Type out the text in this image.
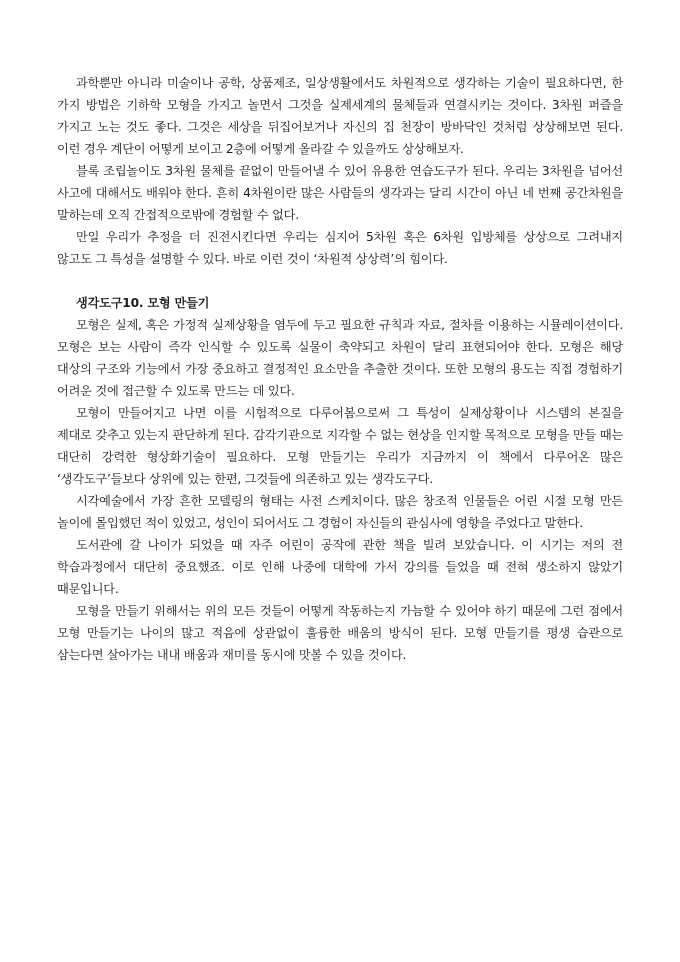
과학뿐만 아니라 미술이나 공학, 상품제조, 일상생활에서도 차원적으로 생각하는 기술이 필요하다면, 한 가지 방법은 기하학 모형을 가지고 놀면서 그것을 실제세계의 물체들과 연결시키는 것이다. 3차원 퍼즐을 가지고 노는 것도 좋다. 그것은 세상을 뒤집어보거나 자신의 집 천장이 방바닥인 것처럼 상상해보면 된다. 이런 경우 계단이 어떻게 보이고 2층에 어떻게 올라갈 수 있을까도 상상해보자.

블록 조립놀이도 3차원 물체를 끝없이 만들어낼 수 있어 유용한 연습도구가 된다. 우리는 3차원을 넘어선 사고에 대해서도 배워야 한다. 흔히 4차원이란 많은 사람들의 생각과는 달리 시간이 아닌 네 번째 공간차원을 말하는데 오직 간접적으로밖에 경험할 수 없다.

만일 우리가 추정을 더 진전시킨다면 우리는 심지어 5차원 혹은 6차원 입방체를 상상으로 그려내지 않고도 그 특성을 설명할 수 있다. 바로 이런 것이 ‘차원적 상상력’의 힘이다.

생각도구10. 모형 만들기

모형은 실제, 혹은 가정적 실제상황을 염두에 두고 필요한 규칙과 자료, 절차를 이용하는 시뮬레이션이다. 모형은 보는 사람이 즉각 인식할 수 있도록 실물이 축약되고 차원이 달리 표현되어야 한다. 모형은 해당 대상의 구조와 기능에서 가장 중요하고 결정적인 요소만을 추출한 것이다. 또한 모형의 용도는 직접 경험하기 어려운 것에 접근할 수 있도록 만드는 데 있다.

모형이 만들어지고 나면 이를 시험적으로 다루어봄으로써 그 특성이 실제상황이나 시스템의 본질을 제대로 갖추고 있는지 판단하게 된다. 감각기관으로 지각할 수 없는 현상을 인지할 목적으로 모형을 만들 때는 대단히 강력한 형상화기술이 필요하다. 모형 만들기는 우리가 지금까지 이 책에서 다루어온 많은 ‘생각도구’들보다 상위에 있는 한편, 그것들에 의존하고 있는 생각도구다.

시각예술에서 가장 흔한 모델링의 형태는 사전 스케치이다. 많은 창조적 인물들은 어린 시절 모형 만든 놀이에 몰입했던 적이 있었고, 성인이 되어서도 그 경험이 자신들의 관심사에 영향을 주었다고 말한다.

도서관에 갈 나이가 되었을 때 자주 어린이 공작에 관한 책을 빌려 보았습니다. 이 시기는 저의 전 학습과정에서 대단히 중요했죠. 이로 인해 나중에 대학에 가서 강의를 들었을 때 전혀 생소하지 않았기 때문입니다.

모형을 만들기 위해서는 위의 모든 것들이 어떻게 작동하는지 가늠할 수 있어야 하기 때문에 그런 점에서 모형 만들기는 나이의 많고 적음에 상관없이 훌륭한 배움의 방식이 된다. 모형 만들기를 평생 습관으로 삼는다면 살아가는 내내 배움과 재미를 동시에 맛볼 수 있을 것이다.
